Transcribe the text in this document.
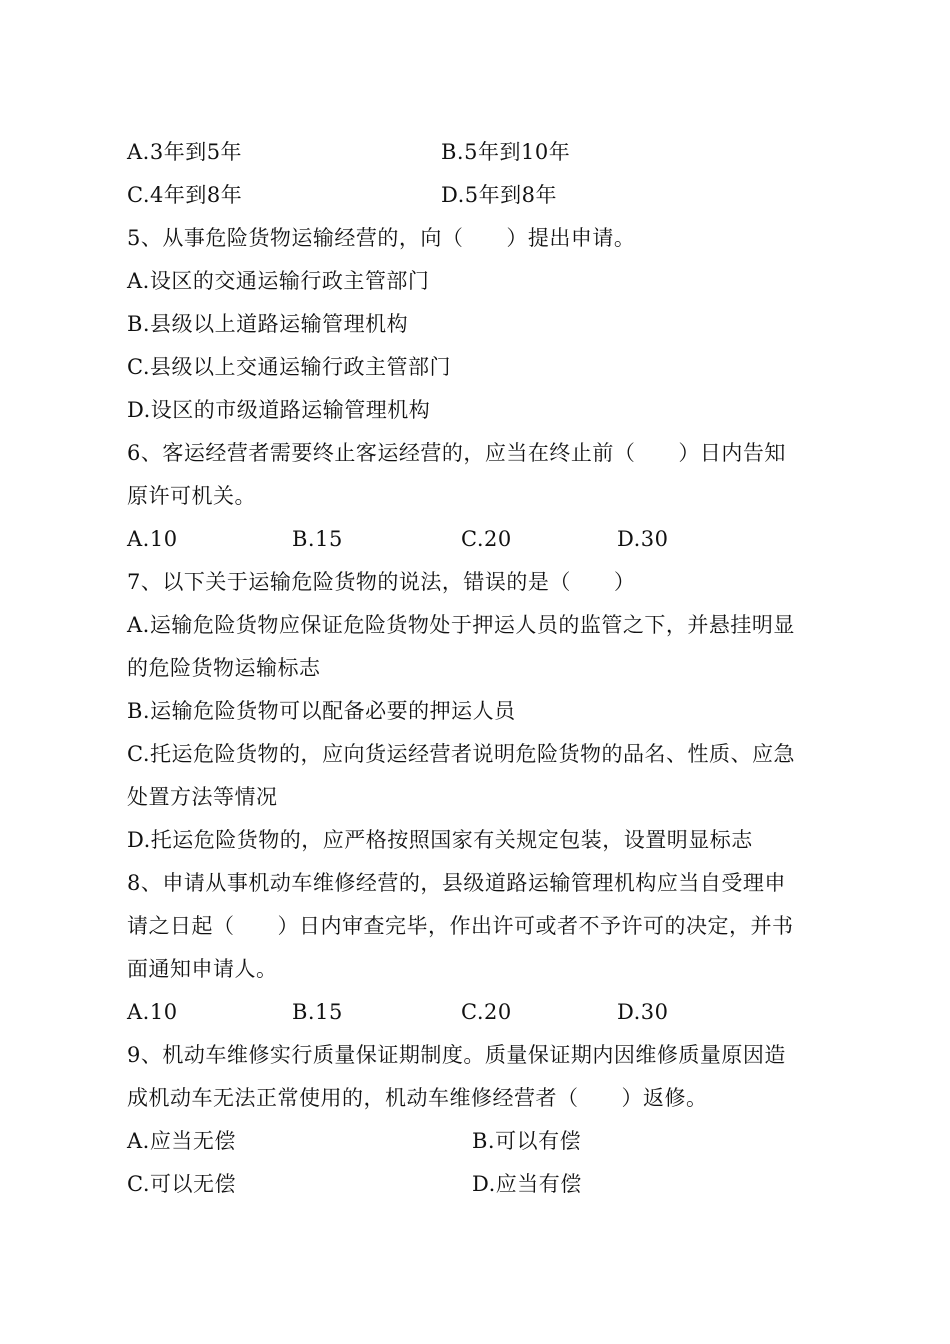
A.3年到5年	B.5年到10年
C.4年到8年	D.5年到8年
5、从事危险货物运输经营的，向（　　）提出申请。
A.设区的交通运输行政主管部门
B.县级以上道路运输管理机构
C.县级以上交通运输行政主管部门
D.设区的市级道路运输管理机构
6、客运经营者需要终止客运经营的，应当在终止前（　　）日内告知
原许可机关。
A.10	B.15	C.20	D.30
7、以下关于运输危险货物的说法，错误的是（　　）
A.运输危险货物应保证危险货物处于押运人员的监管之下，并悬挂明显
的危险货物运输标志
B.运输危险货物可以配备必要的押运人员
C.托运危险货物的，应向货运经营者说明危险货物的品名、性质、应急
处置方法等情况
D.托运危险货物的，应严格按照国家有关规定包装，设置明显标志
8、申请从事机动车维修经营的，县级道路运输管理机构应当自受理申
请之日起（　　）日内审查完毕，作出许可或者不予许可的决定，并书
面通知申请人。
A.10	B.15	C.20	D.30
9、机动车维修实行质量保证期制度。质量保证期内因维修质量原因造
成机动车无法正常使用的，机动车维修经营者（　　）返修。
A.应当无偿	B.可以有偿
C.可以无偿	D.应当有偿
